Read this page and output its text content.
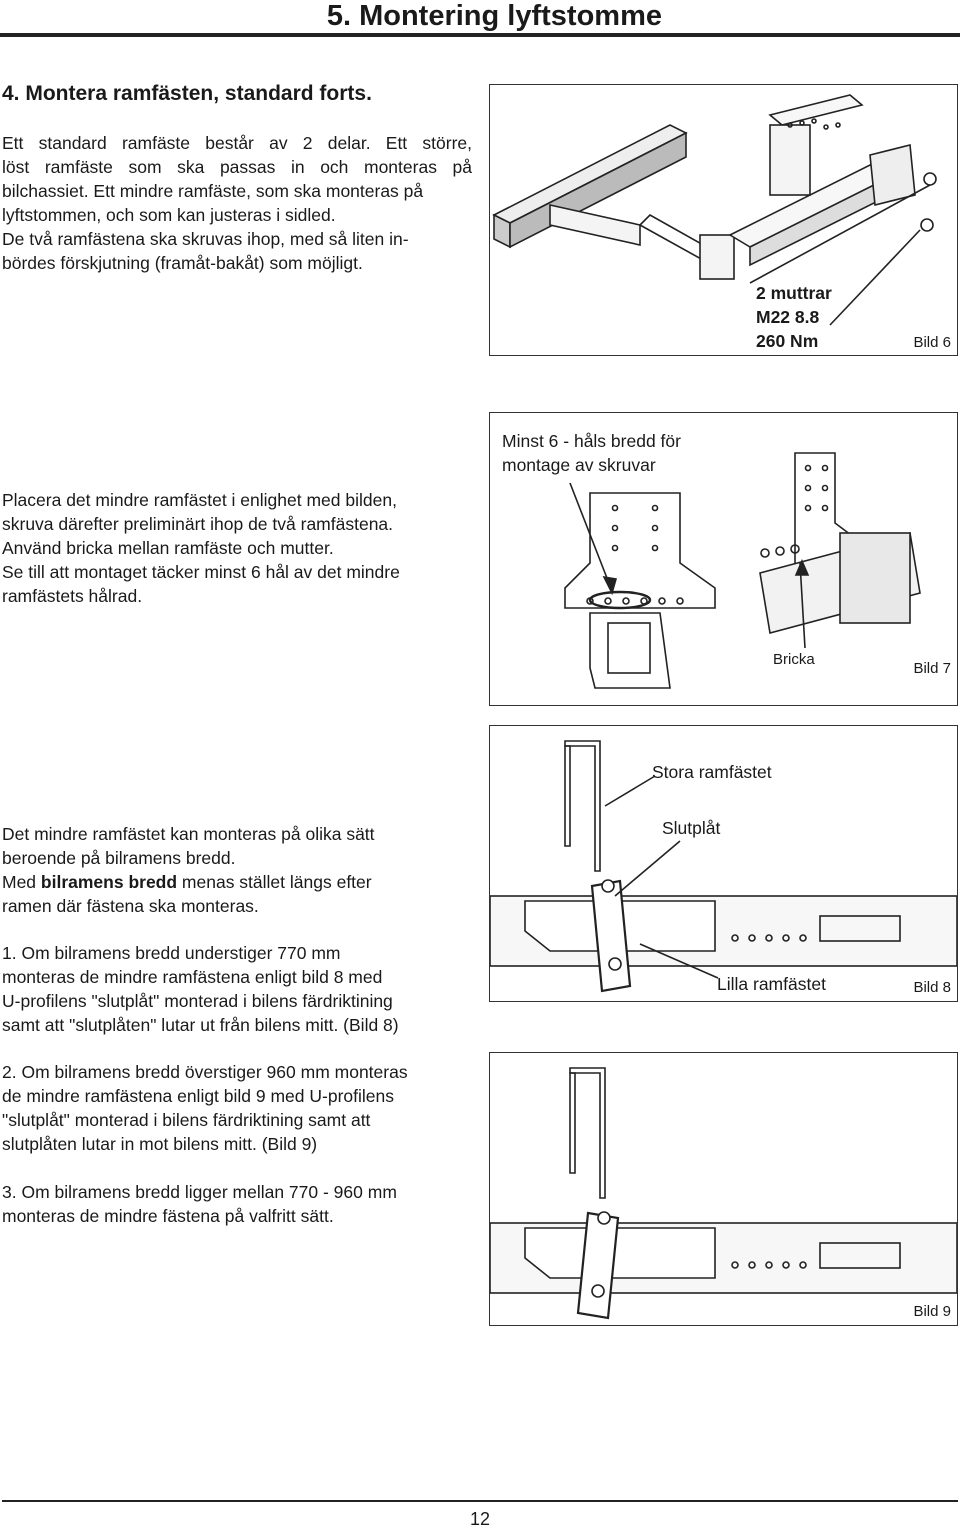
5. Montering lyftstomme
4. Montera ramfästen, standard forts.
Ett standard ramfäste består av 2 delar. Ett större,
löst ramfäste som ska passas in och monteras på
bilchassiet. Ett mindre ramfäste, som ska monteras på
lyftstommen, och som kan justeras i sidled.
De två ramfästena ska skruvas ihop, med så liten in-
bördes förskjutning (framåt-bakåt) som möjligt.
2 muttrar
M22 8.8
260 Nm	Bild 6
Placera det mindre ramfästet i enlighet med bilden,
skruva därefter preliminärt ihop de två ramfästena.
Använd bricka mellan ramfäste och mutter.
Se till att montaget täcker minst 6 hål av det mindre
ramfästets hålrad.
Minst 6 - håls bredd för
montage av skruvar
Bricka
Bild 7
Det mindre ramfästet kan monteras på olika sätt
beroende på bilramens bredd.
Med bilramens bredd menas stället längs efter
ramen där fästena ska monteras.
1. Om bilramens bredd understiger 770 mm
monteras de mindre ramfästena enligt bild 8 med
U-profilens "slutplåt" monterad i bilens färdriktining
samt att "slutplåten" lutar ut från bilens mitt. (Bild 8)
2. Om bilramens bredd överstiger 960 mm monteras
de mindre ramfästena enligt bild 9 med U-profilens
"slutplåt" monterad i bilens färdriktining samt att
slutplåten lutar in mot bilens mitt. (Bild 9)
3. Om bilramens bredd ligger mellan 770 - 960 mm
monteras de mindre fästena på valfritt sätt.
Stora ramfästet
Slutplåt
Lilla ramfästet	Bild 8
Bild 9
12
